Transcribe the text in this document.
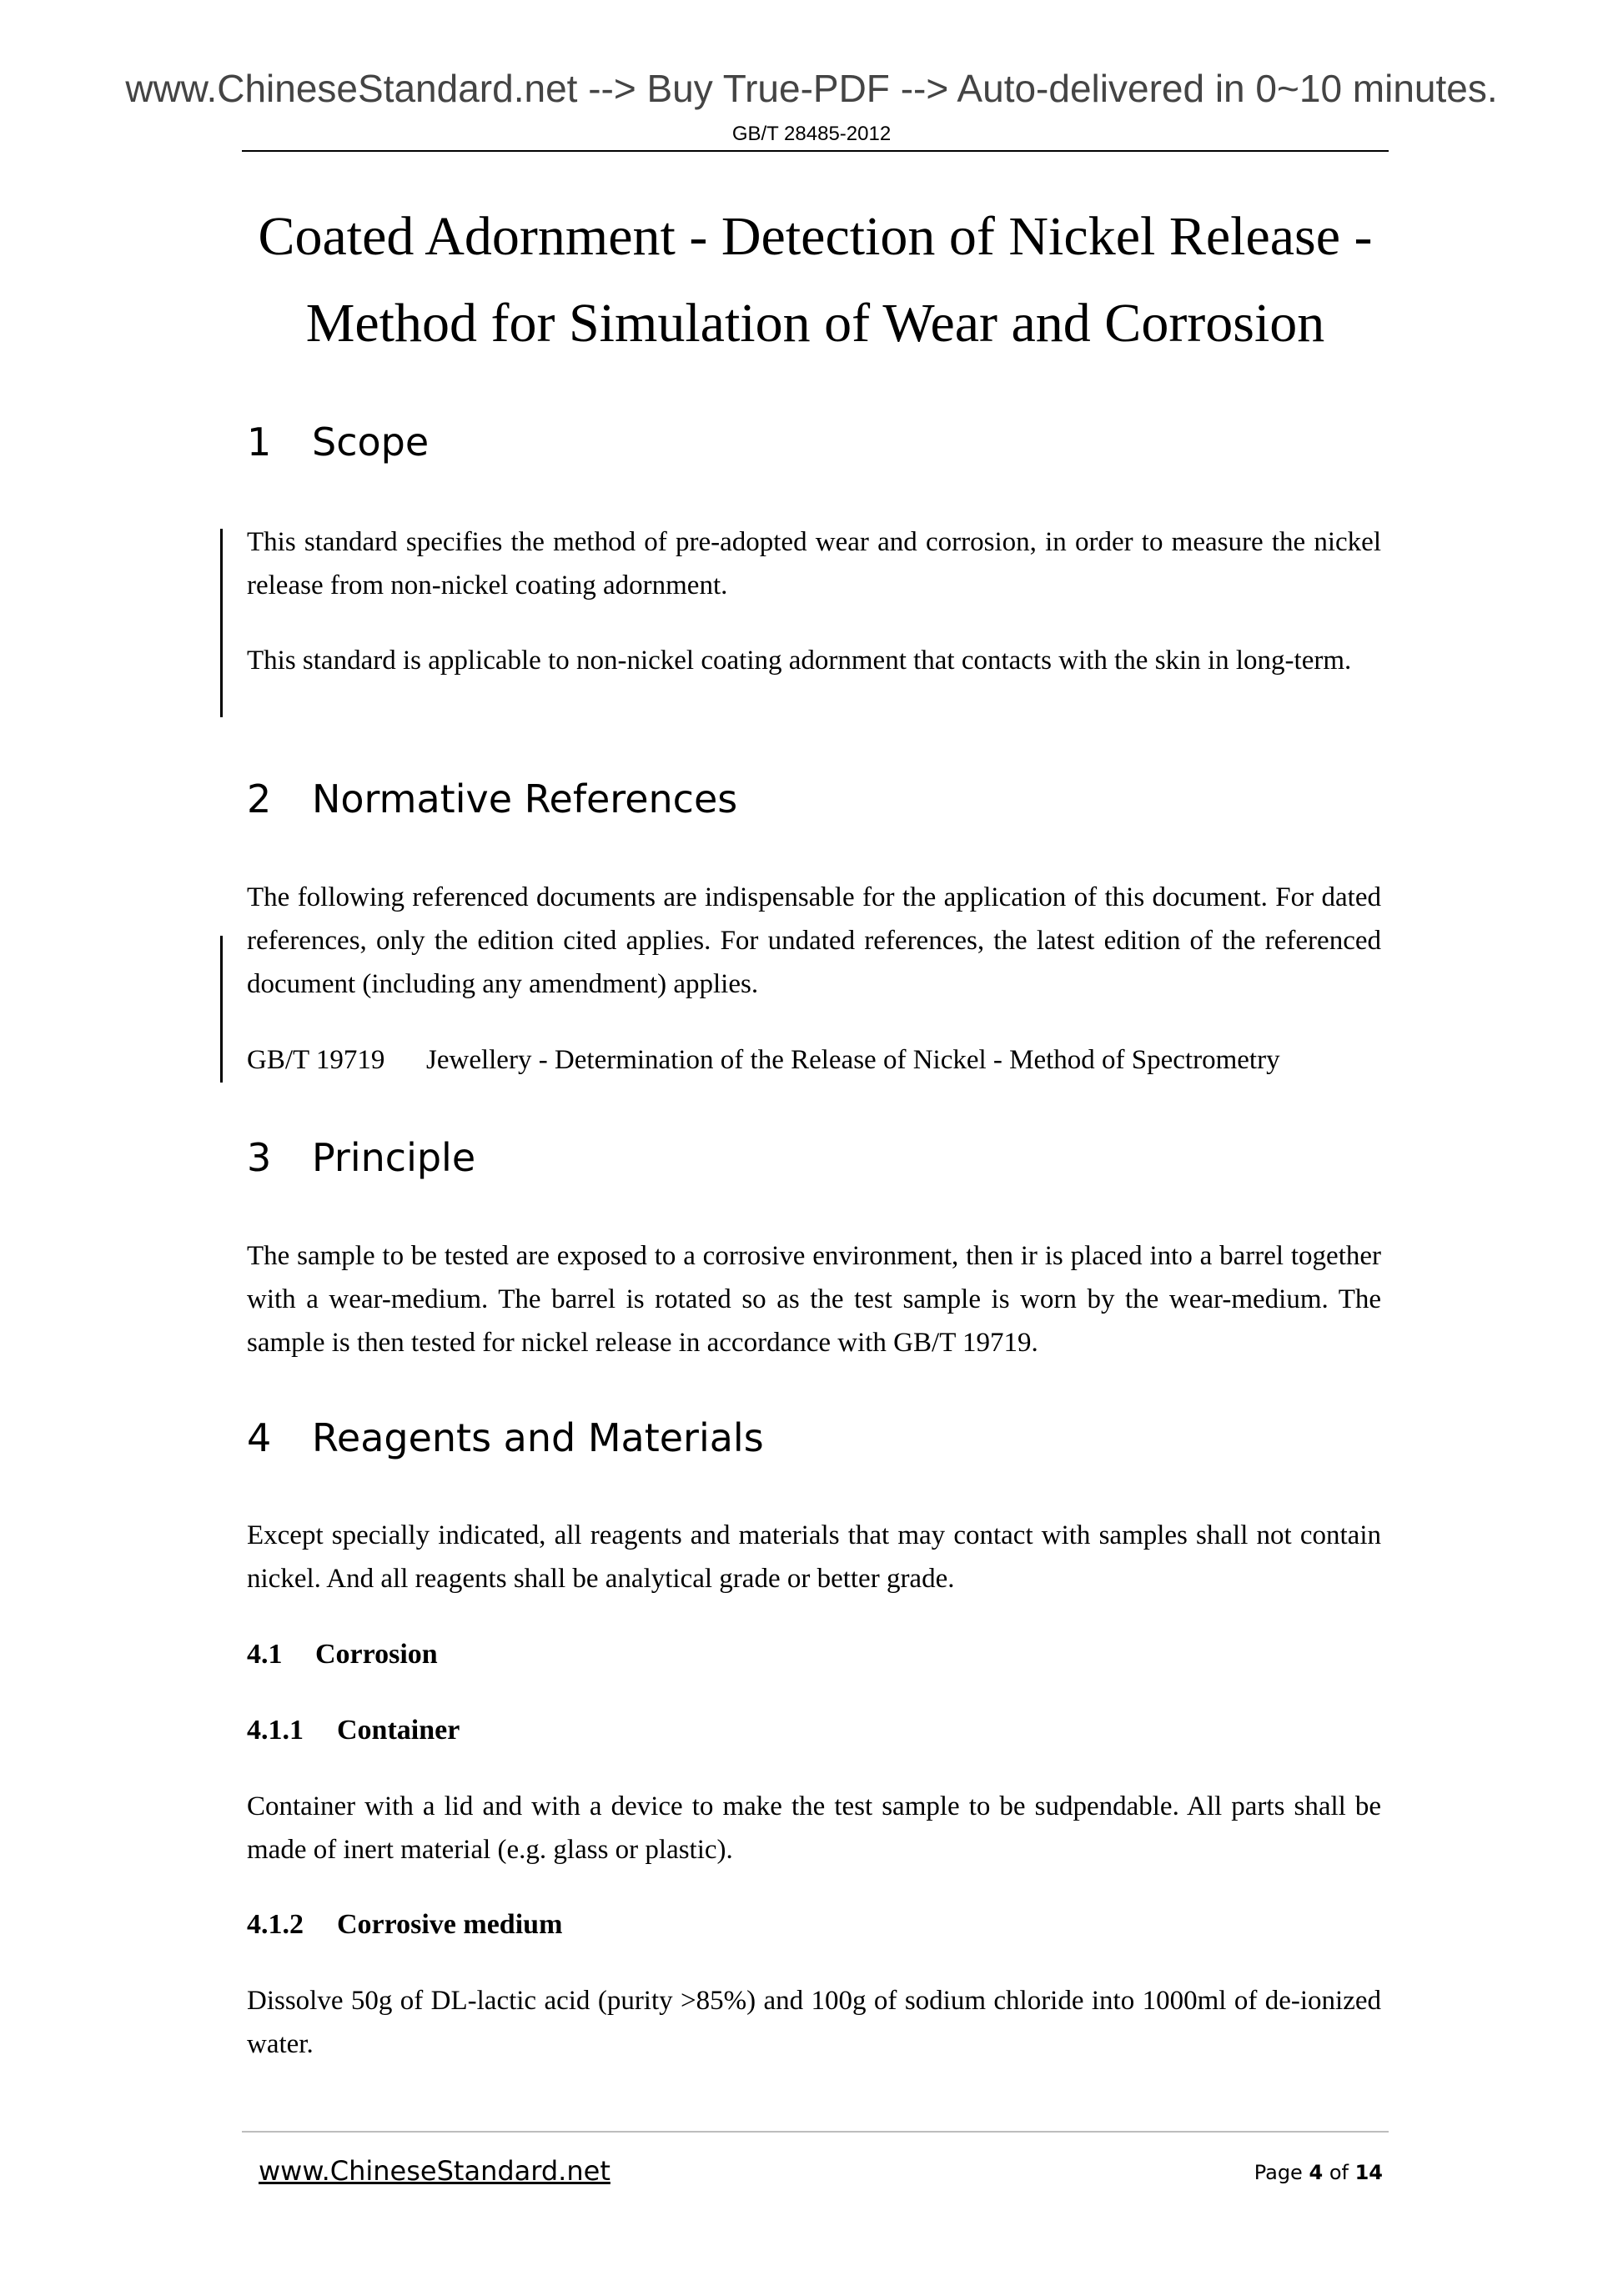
www.ChineseStandard.net --> Buy True-PDF --> Auto-delivered in 0~10 minutes.
GB/T 28485-2012
Coated Adornment - Detection of Nickel Release -
Method for Simulation of Wear and Corrosion
1 Scope

This standard specifies the method of pre-adopted wear and corrosion, in order to measure the nickel release from non-nickel coating adornment.

This standard is applicable to non-nickel coating adornment that contacts with the skin in long-term.

2 Normative References

The following referenced documents are indispensable for the application of this document. For dated references, only the edition cited applies. For undated references, the latest edition of the referenced document (including any amendment) applies.

GB/T 19719 Jewellery - Determination of the Release of Nickel - Method of Spectrometry

3 Principle

The sample to be tested are exposed to a corrosive environment, then ir is placed into a barrel together with a wear-medium. The barrel is rotated so as the test sample is worn by the wear-medium. The sample is then tested for nickel release in accordance with GB/T 19719.

4 Reagents and Materials

Except specially indicated, all reagents and materials that may contact with samples shall not contain nickel. And all reagents shall be analytical grade or better grade.

4.1 Corrosion
4.1.1 Container

Container with a lid and with a device to make the test sample to be sudpendable. All parts shall be made of inert material (e.g. glass or plastic).

4.1.2 Corrosive medium

Dissolve 50g of DL-lactic acid (purity >85%) and 100g of sodium chloride into 1000ml of de-ionized water.

www.ChineseStandard.net	Page 4 of 14
